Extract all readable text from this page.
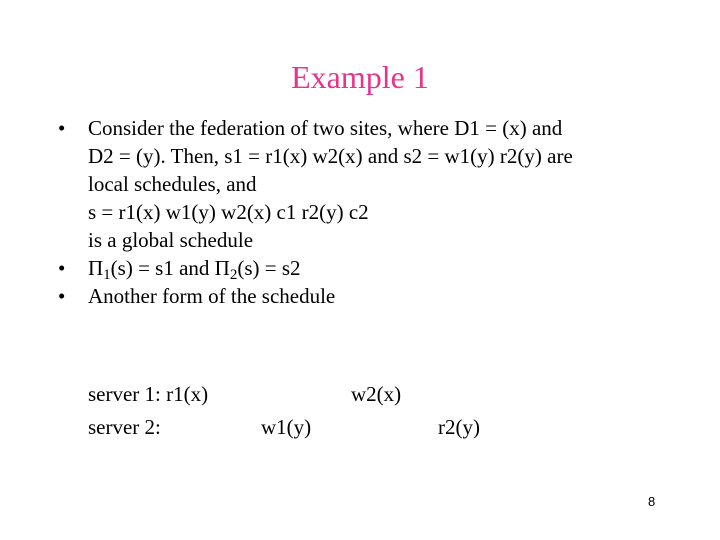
Example 1
•	Consider the federation of two sites, where D1 = (x) and
D2 = (y). Then, s1 = r1(x) w2(x) and s2 = w1(y) r2(y) are
local schedules, and
s = r1(x) w1(y) w2(x) c1 r2(y) c2
is a global schedule
•	$\Pi_1(s) = s1$ and $\Pi_2(s) = s2$
•	Another form of the schedule
server 1: r1(x)	w2(x)
server 2:	w1(y)	r2(y)
8
